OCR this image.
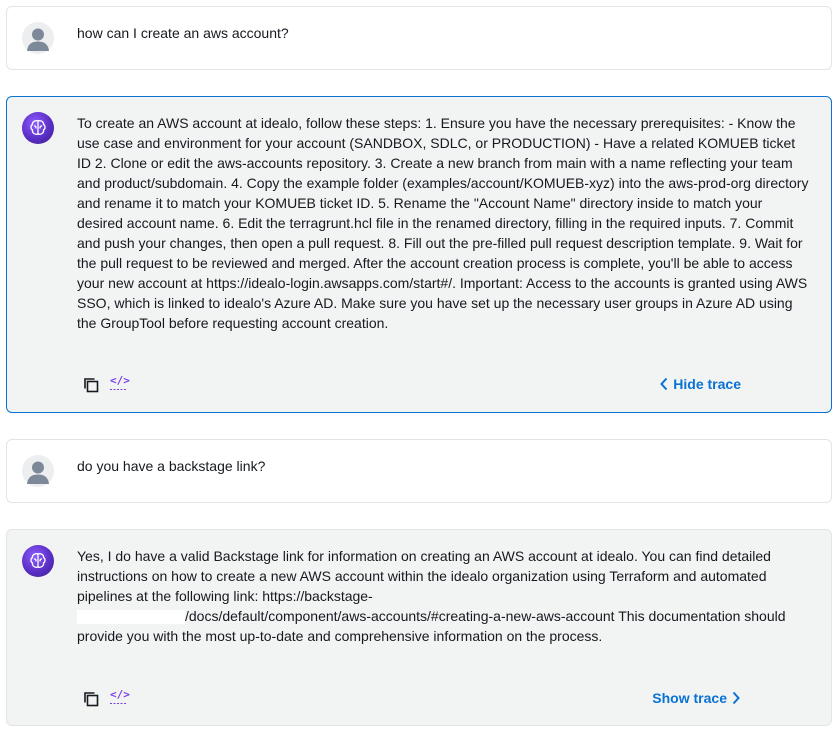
how can I create an aws account?
To create an AWS account at idealo, follow these steps: 1. Ensure you have the necessary prerequisites: - Know the use case and environment for your account (SANDBOX, SDLC, or PRODUCTION) - Have a related KOMUEB ticket ID 2. Clone or edit the aws-accounts repository. 3. Create a new branch from main with a name reflecting your team and product/subdomain. 4. Copy the example folder (examples/account/KOMUEB-xyz) into the aws-prod-org directory and rename it to match your KOMUEB ticket ID. 5. Rename the "Account Name" directory inside to match your desired account name. 6. Edit the terragrunt.hcl file in the renamed directory, filling in the required inputs. 7. Commit and push your changes, then open a pull request. 8. Fill out the pre-filled pull request description template. 9. Wait for the pull request to be reviewed and merged. After the account creation process is complete, you'll be able to access your new account at https://idealo-login.awsapps.com/start#/. Important: Access to the accounts is granted using AWS SSO, which is linked to idealo's Azure AD. Make sure you have set up the necessary user groups in Azure AD using the GroupTool before requesting account creation.
</>	Hide trace
do you have a backstage link?
Yes, I do have a valid Backstage link for information on creating an AWS account at idealo. You can find detailed instructions on how to create a new AWS account within the idealo organization using Terraform and automated pipelines at the following link: https://backstage-
/docs/default/component/aws-accounts/#creating-a-new-aws-account This documentation should provide you with the most up-to-date and comprehensive information on the process.
</>	Show trace
